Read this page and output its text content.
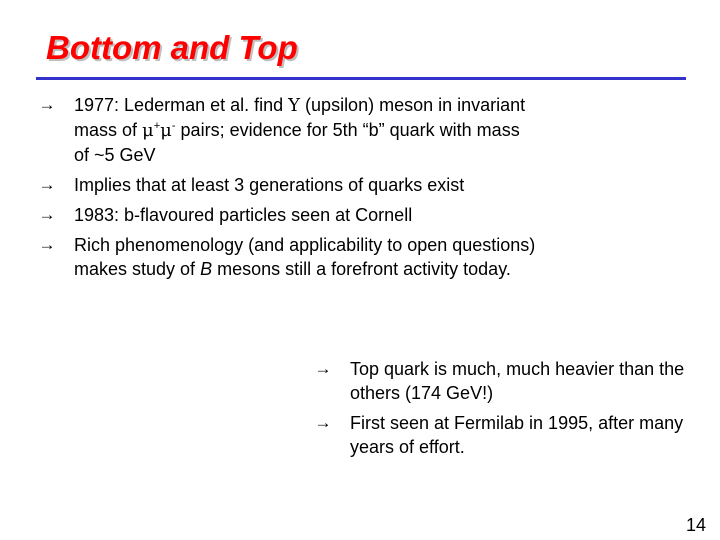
Bottom and Top
→ 1977: Lederman et al. find Υ (upsilon) meson in invariant mass of μ+μ- pairs; evidence for 5th “b” quark with mass of ~5 GeV
→ Implies that at least 3 generations of quarks exist
→ 1983: b-flavoured particles seen at Cornell
→ Rich phenomenology (and applicability to open questions) makes study of B mesons still a forefront activity today.
→ Top quark is much, much heavier than the others (174 GeV!)
→ First seen at Fermilab in 1995, after many years of effort.
14
